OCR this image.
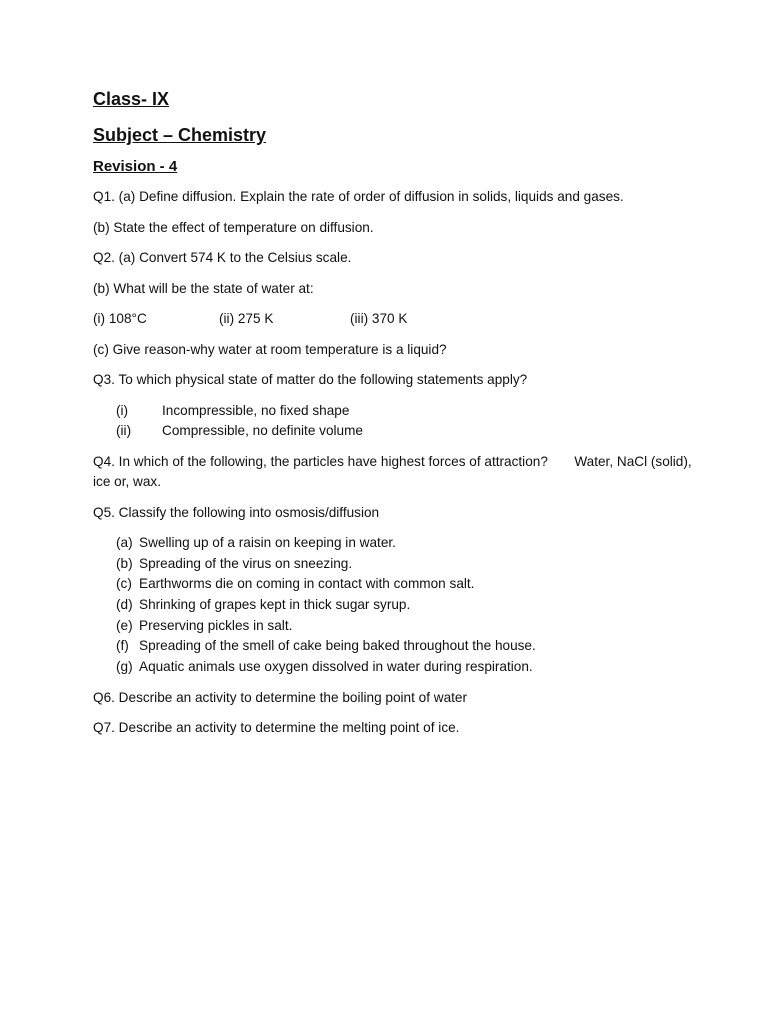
Class- IX
Subject – Chemistry
Revision - 4
Q1. (a) Define diffusion. Explain the rate of order of diffusion in solids, liquids and gases.
(b) State the effect of temperature on diffusion.
Q2. (a) Convert 574 K to the Celsius scale.
(b) What will be the state of water at:
(i) 108°C	(ii) 275 K	(iii) 370 K
(c) Give reason-why water at room temperature is a liquid?
Q3. To which physical state of matter do the following statements apply?
(i)	Incompressible, no fixed shape
(ii)	Compressible, no definite volume
Q4. In which of the following, the particles have highest forces of attraction?       Water, NaCl (solid), ice or, wax.
Q5. Classify the following into osmosis/diffusion
(a) Swelling up of a raisin on keeping in water.
(b) Spreading of the virus on sneezing.
(c) Earthworms die on coming in contact with common salt.
(d) Shrinking of grapes kept in thick sugar syrup.
(e) Preserving pickles in salt.
(f) Spreading of the smell of cake being baked throughout the house.
(g) Aquatic animals use oxygen dissolved in water during respiration.
Q6. Describe an activity to determine the boiling point of water
Q7. Describe an activity to determine the melting point of ice.
